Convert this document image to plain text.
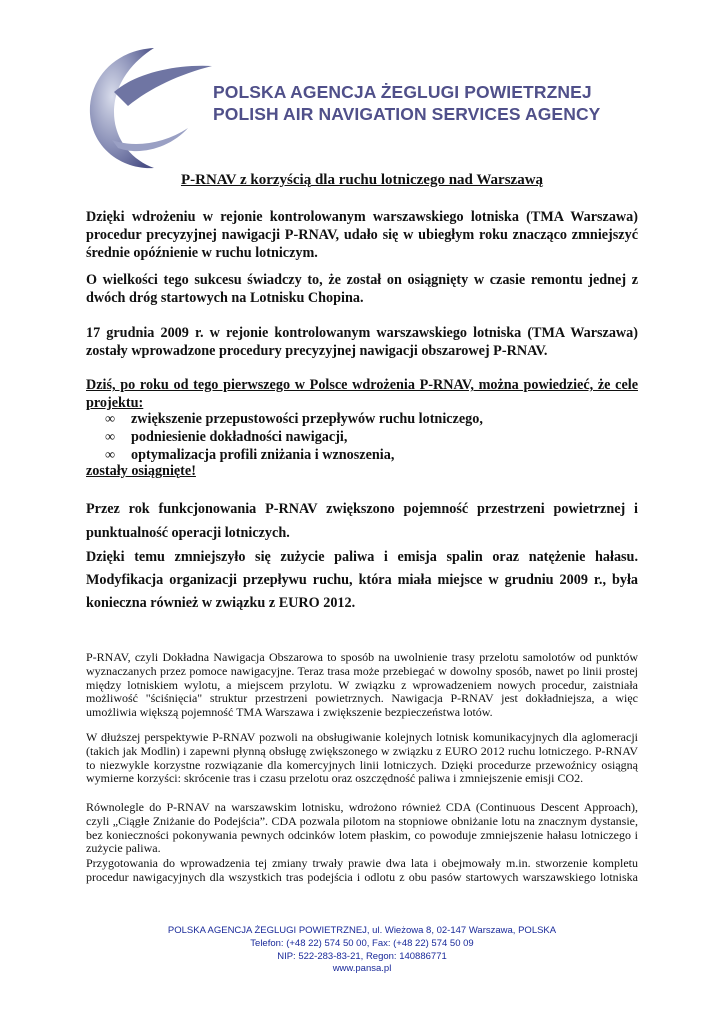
POLSKA AGENCJA ŻEGLUGI POWIETRZNEJ
POLISH AIR NAVIGATION SERVICES AGENCY
P-RNAV z korzyścią dla ruchu lotniczego nad Warszawą

Dzięki wdrożeniu w rejonie kontrolowanym warszawskiego lotniska (TMA Warszawa) procedur precyzyjnej nawigacji P-RNAV, udało się w ubiegłym roku znacząco zmniejszyć średnie opóźnienie w ruchu lotniczym.

O wielkości tego sukcesu świadczy to, że został on osiągnięty w czasie remontu jednej z dwóch dróg startowych na Lotnisku Chopina.

17 grudnia 2009 r. w rejonie kontrolowanym warszawskiego lotniska (TMA Warszawa) zostały wprowadzone procedury precyzyjnej nawigacji obszarowej P-RNAV.

Dziś, po roku od tego pierwszego w Polsce wdrożenia P-RNAV, można powiedzieć, że cele projektu:

∞ zwiększenie przepustowości przepływów ruchu lotniczego,
∞ podniesienie dokładności nawigacji,
∞ optymalizacja profili zniżania i wznoszenia,
zostały osiągnięte!

Przez rok funkcjonowania P-RNAV zwiększono pojemność przestrzeni powietrznej i punktualność operacji lotniczych.

Dzięki temu zmniejszyło się zużycie paliwa i emisja spalin oraz natężenie hałasu. Modyfikacja organizacji przepływu ruchu, która miała miejsce w grudniu 2009 r., była konieczna również w związku z EURO 2012.

P-RNAV, czyli Dokładna Nawigacja Obszarowa to sposób na uwolnienie trasy przelotu samolotów od punktów wyznaczanych przez pomoce nawigacyjne. Teraz trasa może przebiegać w dowolny sposób, nawet po linii prostej między lotniskiem wylotu, a miejscem przylotu. W związku z wprowadzeniem nowych procedur, zaistniała możliwość "ściśnięcia" struktur przestrzeni powietrznych. Nawigacja P-RNAV jest dokładniejsza, a więc umożliwia większą pojemność TMA Warszawa i zwiększenie bezpieczeństwa lotów.

W dłuższej perspektywie P-RNAV pozwoli na obsługiwanie kolejnych lotnisk komunikacyjnych dla aglomeracji (takich jak Modlin) i zapewni płynną obsługę zwiększonego w związku z EURO 2012 ruchu lotniczego. P-RNAV to niezwykle korzystne rozwiązanie dla komercyjnych linii lotniczych. Dzięki procedurze przewoźnicy osiągną wymierne korzyści: skrócenie tras i czasu przelotu oraz oszczędność paliwa i zmniejszenie emisji CO2.

Równolegle do P-RNAV na warszawskim lotnisku, wdrożono również CDA (Continuous Descent Approach), czyli „Ciągłe Zniżanie do Podejścia”. CDA pozwala pilotom na stopniowe obniżanie lotu na znacznym dystansie, bez konieczności pokonywania pewnych odcinków lotem płaskim, co powoduje zmniejszenie hałasu lotniczego i zużycie paliwa.

Przygotowania do wprowadzenia tej zmiany trwały prawie dwa lata i obejmowały m.in. stworzenie kompletu procedur nawigacyjnych dla wszystkich tras podejścia i odlotu z obu pasów startowych warszawskiego lotniska

POLSKA AGENCJA ŻEGLUGI POWIETRZNEJ, ul. Wieżowa 8, 02-147 Warszawa, POLSKA
Telefon: (+48 22) 574 50 00, Fax: (+48 22) 574 50 09
NIP: 522-283-83-21, Regon: 140886771
www.pansa.pl
